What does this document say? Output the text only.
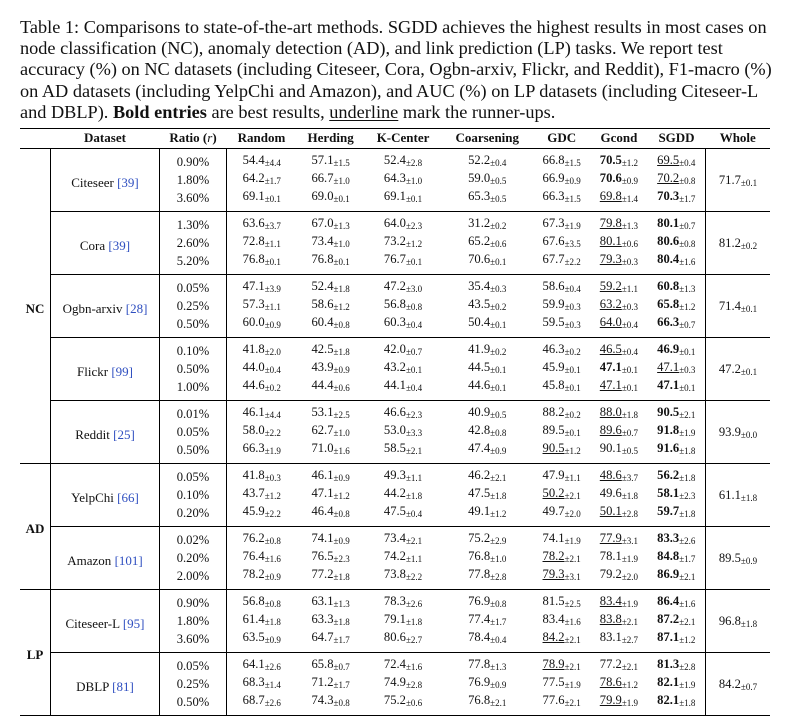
Table 1: Comparisons to state-of-the-art methods. SGDD achieves the highest results in most cases on node classification (NC), anomaly detection (AD), and link prediction (LP) tasks. We report test accuracy (%) on NC datasets (including Citeseer, Cora, Ogbn-arxiv, Flickr, and Reddit), F1-macro (%) on AD datasets (including YelpChi and Amazon), and AUC (%) on LP datasets (including Citeseer-L and DBLP). Bold entries are best results, underline mark the runner-ups.
	Dataset	Ratio (r)	Random	Herding	K-Center	Coarsening	GDC	Gcond	SGDD	Whole
NC	Citeseer [39]	0.90%	$54.4_{\pm 4.4}$	$57.1_{\pm 1.5}$	$52.4_{\pm 2.8}$	$52.2_{\pm 0.4}$	$66.8_{\pm 1.5}$	$70.5_{\pm 1.2}$	$69.5_{\pm 0.4}$	$71.7_{\pm 0.1}$
		1.80%	$64.2_{\pm 1.7}$	$66.7_{\pm 1.0}$	$64.3_{\pm 1.0}$	$59.0_{\pm 0.5}$	$66.9_{\pm 0.9}$	$70.6_{\pm 0.9}$	$70.2_{\pm 0.8}$
		3.60%	$69.1_{\pm 0.1}$	$69.0_{\pm 0.1}$	$69.1_{\pm 0.1}$	$65.3_{\pm 0.5}$	$66.3_{\pm 1.5}$	$69.8_{\pm 1.4}$	$70.3_{\pm 1.7}$
	Cora [39]	1.30%	$63.6_{\pm 3.7}$	$67.0_{\pm 1.3}$	$64.0_{\pm 2.3}$	$31.2_{\pm 0.2}$	$67.3_{\pm 1.9}$	$79.8_{\pm 1.3}$	$80.1_{\pm 0.7}$	$81.2_{\pm 0.2}$
		2.60%	$72.8_{\pm 1.1}$	$73.4_{\pm 1.0}$	$73.2_{\pm 1.2}$	$65.2_{\pm 0.6}$	$67.6_{\pm 3.5}$	$80.1_{\pm 0.6}$	$80.6_{\pm 0.8}$
		5.20%	$76.8_{\pm 0.1}$	$76.8_{\pm 0.1}$	$76.7_{\pm 0.1}$	$70.6_{\pm 0.1}$	$67.7_{\pm 2.2}$	$79.3_{\pm 0.3}$	$80.4_{\pm 1.6}$
	Ogbn-arxiv [28]	0.05%	$47.1_{\pm 3.9}$	$52.4_{\pm 1.8}$	$47.2_{\pm 3.0}$	$35.4_{\pm 0.3}$	$58.6_{\pm 0.4}$	$59.2_{\pm 1.1}$	$60.8_{\pm 1.3}$	$71.4_{\pm 0.1}$
		0.25%	$57.3_{\pm 1.1}$	$58.6_{\pm 1.2}$	$56.8_{\pm 0.8}$	$43.5_{\pm 0.2}$	$59.9_{\pm 0.3}$	$63.2_{\pm 0.3}$	$65.8_{\pm 1.2}$
		0.50%	$60.0_{\pm 0.9}$	$60.4_{\pm 0.8}$	$60.3_{\pm 0.4}$	$50.4_{\pm 0.1}$	$59.5_{\pm 0.3}$	$64.0_{\pm 0.4}$	$66.3_{\pm 0.7}$
	Flickr [99]	0.10%	$41.8_{\pm 2.0}$	$42.5_{\pm 1.8}$	$42.0_{\pm 0.7}$	$41.9_{\pm 0.2}$	$46.3_{\pm 0.2}$	$46.5_{\pm 0.4}$	$46.9_{\pm 0.1}$	$47.2_{\pm 0.1}$
		0.50%	$44.0_{\pm 0.4}$	$43.9_{\pm 0.9}$	$43.2_{\pm 0.1}$	$44.5_{\pm 0.1}$	$45.9_{\pm 0.1}$	$47.1_{\pm 0.1}$	$47.1_{\pm 0.3}$
		1.00%	$44.6_{\pm 0.2}$	$44.4_{\pm 0.6}$	$44.1_{\pm 0.4}$	$44.6_{\pm 0.1}$	$45.8_{\pm 0.1}$	$47.1_{\pm 0.1}$	$47.1_{\pm 0.1}$
	Reddit [25]	0.01%	$46.1_{\pm 4.4}$	$53.1_{\pm 2.5}$	$46.6_{\pm 2.3}$	$40.9_{\pm 0.5}$	$88.2_{\pm 0.2}$	$88.0_{\pm 1.8}$	$90.5_{\pm 2.1}$	$93.9_{\pm 0.0}$
		0.05%	$58.0_{\pm 2.2}$	$62.7_{\pm 1.0}$	$53.0_{\pm 3.3}$	$42.8_{\pm 0.8}$	$89.5_{\pm 0.1}$	$89.6_{\pm 0.7}$	$91.8_{\pm 1.9}$
		0.50%	$66.3_{\pm 1.9}$	$71.0_{\pm 1.6}$	$58.5_{\pm 2.1}$	$47.4_{\pm 0.9}$	$90.5_{\pm 1.2}$	$90.1_{\pm 0.5}$	$91.6_{\pm 1.8}$
AD	YelpChi [66]	0.05%	$41.8_{\pm 0.3}$	$46.1_{\pm 0.9}$	$49.3_{\pm 1.1}$	$46.2_{\pm 2.1}$	$47.9_{\pm 1.1}$	$48.6_{\pm 3.7}$	$56.2_{\pm 1.8}$	$61.1_{\pm 1.8}$
		0.10%	$43.7_{\pm 1.2}$	$47.1_{\pm 1.2}$	$44.2_{\pm 1.8}$	$47.5_{\pm 1.8}$	$50.2_{\pm 2.1}$	$49.6_{\pm 1.8}$	$58.1_{\pm 2.3}$
		0.20%	$45.9_{\pm 2.2}$	$46.4_{\pm 0.8}$	$47.5_{\pm 0.4}$	$49.1_{\pm 1.2}$	$49.7_{\pm 2.0}$	$50.1_{\pm 2.8}$	$59.7_{\pm 1.8}$
	Amazon [101]	0.02%	$76.2_{\pm 0.8}$	$74.1_{\pm 0.9}$	$73.4_{\pm 2.1}$	$75.2_{\pm 2.9}$	$74.1_{\pm 1.9}$	$77.9_{\pm 3.1}$	$83.3_{\pm 2.6}$	$89.5_{\pm 0.9}$
		0.20%	$76.4_{\pm 1.6}$	$76.5_{\pm 2.3}$	$74.2_{\pm 1.1}$	$76.8_{\pm 1.0}$	$78.2_{\pm 2.1}$	$78.1_{\pm 1.9}$	$84.8_{\pm 1.7}$
		2.00%	$78.2_{\pm 0.9}$	$77.2_{\pm 1.8}$	$73.8_{\pm 2.2}$	$77.8_{\pm 2.8}$	$79.3_{\pm 3.1}$	$79.2_{\pm 2.0}$	$86.9_{\pm 2.1}$
LP	Citeseer-L [95]	0.90%	$56.8_{\pm 0.8}$	$63.1_{\pm 1.3}$	$78.3_{\pm 2.6}$	$76.9_{\pm 0.8}$	$81.5_{\pm 2.5}$	$83.4_{\pm 1.9}$	$86.4_{\pm 1.6}$	$96.8_{\pm 1.8}$
		1.80%	$61.4_{\pm 1.8}$	$63.3_{\pm 1.8}$	$79.1_{\pm 1.8}$	$77.4_{\pm 1.7}$	$83.4_{\pm 1.6}$	$83.8_{\pm 2.1}$	$87.2_{\pm 2.1}$
		3.60%	$63.5_{\pm 0.9}$	$64.7_{\pm 1.7}$	$80.6_{\pm 2.7}$	$78.4_{\pm 0.4}$	$84.2_{\pm 2.1}$	$83.1_{\pm 2.7}$	$87.1_{\pm 1.2}$
	DBLP [81]	0.05%	$64.1_{\pm 2.6}$	$65.8_{\pm 0.7}$	$72.4_{\pm 1.6}$	$77.8_{\pm 1.3}$	$78.9_{\pm 2.1}$	$77.2_{\pm 2.1}$	$81.3_{\pm 2.8}$	$84.2_{\pm 0.7}$
		0.25%	$68.3_{\pm 1.4}$	$71.2_{\pm 1.7}$	$74.9_{\pm 2.8}$	$76.9_{\pm 0.9}$	$77.5_{\pm 1.9}$	$78.6_{\pm 1.2}$	$82.1_{\pm 1.9}$
		0.50%	$68.7_{\pm 2.6}$	$74.3_{\pm 0.8}$	$75.2_{\pm 0.6}$	$76.8_{\pm 2.1}$	$77.6_{\pm 2.1}$	$79.9_{\pm 1.9}$	$82.1_{\pm 1.8}$
